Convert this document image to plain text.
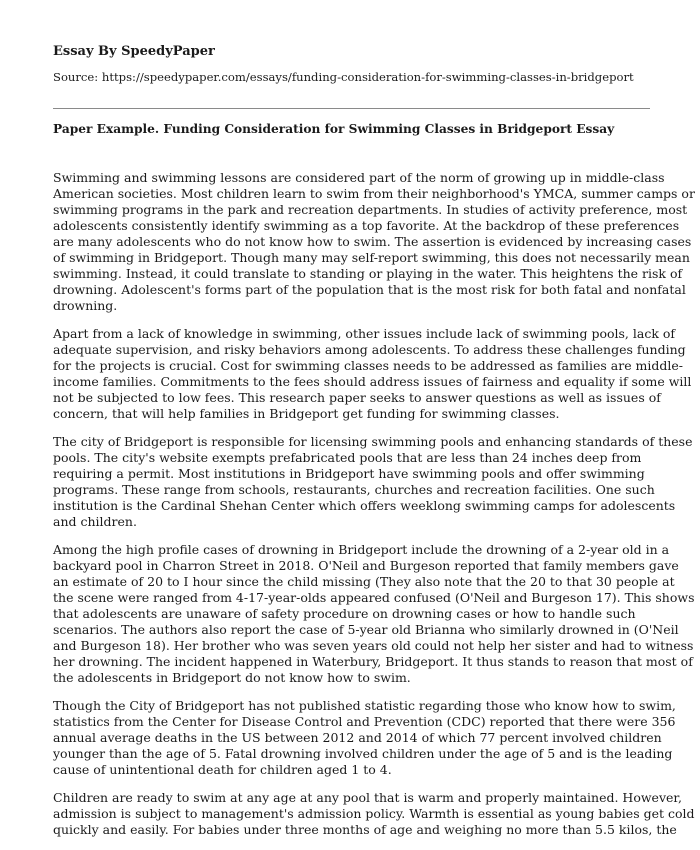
Essay By SpeedyPaper
Source: https://speedypaper.com/essays/funding-consideration-for-swimming-classes-in-bridgeport
Paper Example. Funding Consideration for Swimming Classes in Bridgeport Essay

Swimming and swimming lessons are considered part of the norm of growing up in middle-class
American societies. Most children learn to swim from their neighborhood's YMCA, summer camps or
swimming programs in the park and recreation departments. In studies of activity preference, most
adolescents consistently identify swimming as a top favorite. At the backdrop of these preferences
are many adolescents who do not know how to swim. The assertion is evidenced by increasing cases
of swimming in Bridgeport. Though many may self-report swimming, this does not necessarily mean
swimming. Instead, it could translate to standing or playing in the water. This heightens the risk of
drowning. Adolescent's forms part of the population that is the most risk for both fatal and nonfatal
drowning.

Apart from a lack of knowledge in swimming, other issues include lack of swimming pools, lack of
adequate supervision, and risky behaviors among adolescents. To address these challenges funding
for the projects is crucial. Cost for swimming classes needs to be addressed as families are middle-
income families. Commitments to the fees should address issues of fairness and equality if some will
not be subjected to low fees. This research paper seeks to answer questions as well as issues of
concern, that will help families in Bridgeport get funding for swimming classes.

The city of Bridgeport is responsible for licensing swimming pools and enhancing standards of these
pools. The city's website exempts prefabricated pools that are less than 24 inches deep from
requiring a permit. Most institutions in Bridgeport have swimming pools and offer swimming
programs. These range from schools, restaurants, churches and recreation facilities. One such
institution is the Cardinal Shehan Center which offers weeklong swimming camps for adolescents
and children.

Among the high profile cases of drowning in Bridgeport include the drowning of a 2-year old in a
backyard pool in Charron Street in 2018. O'Neil and Burgeson reported that family members gave
an estimate of 20 to I hour since the child missing (They also note that the 20 to that 30 people at
the scene were ranged from 4-17-year-olds appeared confused (O'Neil and Burgeson 17). This shows
that adolescents are unaware of safety procedure on drowning cases or how to handle such
scenarios. The authors also report the case of 5-year old Brianna who similarly drowned in (O'Neil
and Burgeson 18). Her brother who was seven years old could not help her sister and had to witness
her drowning. The incident happened in Waterbury, Bridgeport. It thus stands to reason that most of
the adolescents in Bridgeport do not know how to swim.

Though the City of Bridgeport has not published statistic regarding those who know how to swim,
statistics from the Center for Disease Control and Prevention (CDC) reported that there were 356
annual average deaths in the US between 2012 and 2014 of which 77 percent involved children
younger than the age of 5. Fatal drowning involved children under the age of 5 and is the leading
cause of unintentional death for children aged 1 to 4.

Children are ready to swim at any age at any pool that is warm and properly maintained. However,
admission is subject to management's admission policy. Warmth is essential as young babies get cold
quickly and easily. For babies under three months of age and weighing no more than 5.5 kilos, the
